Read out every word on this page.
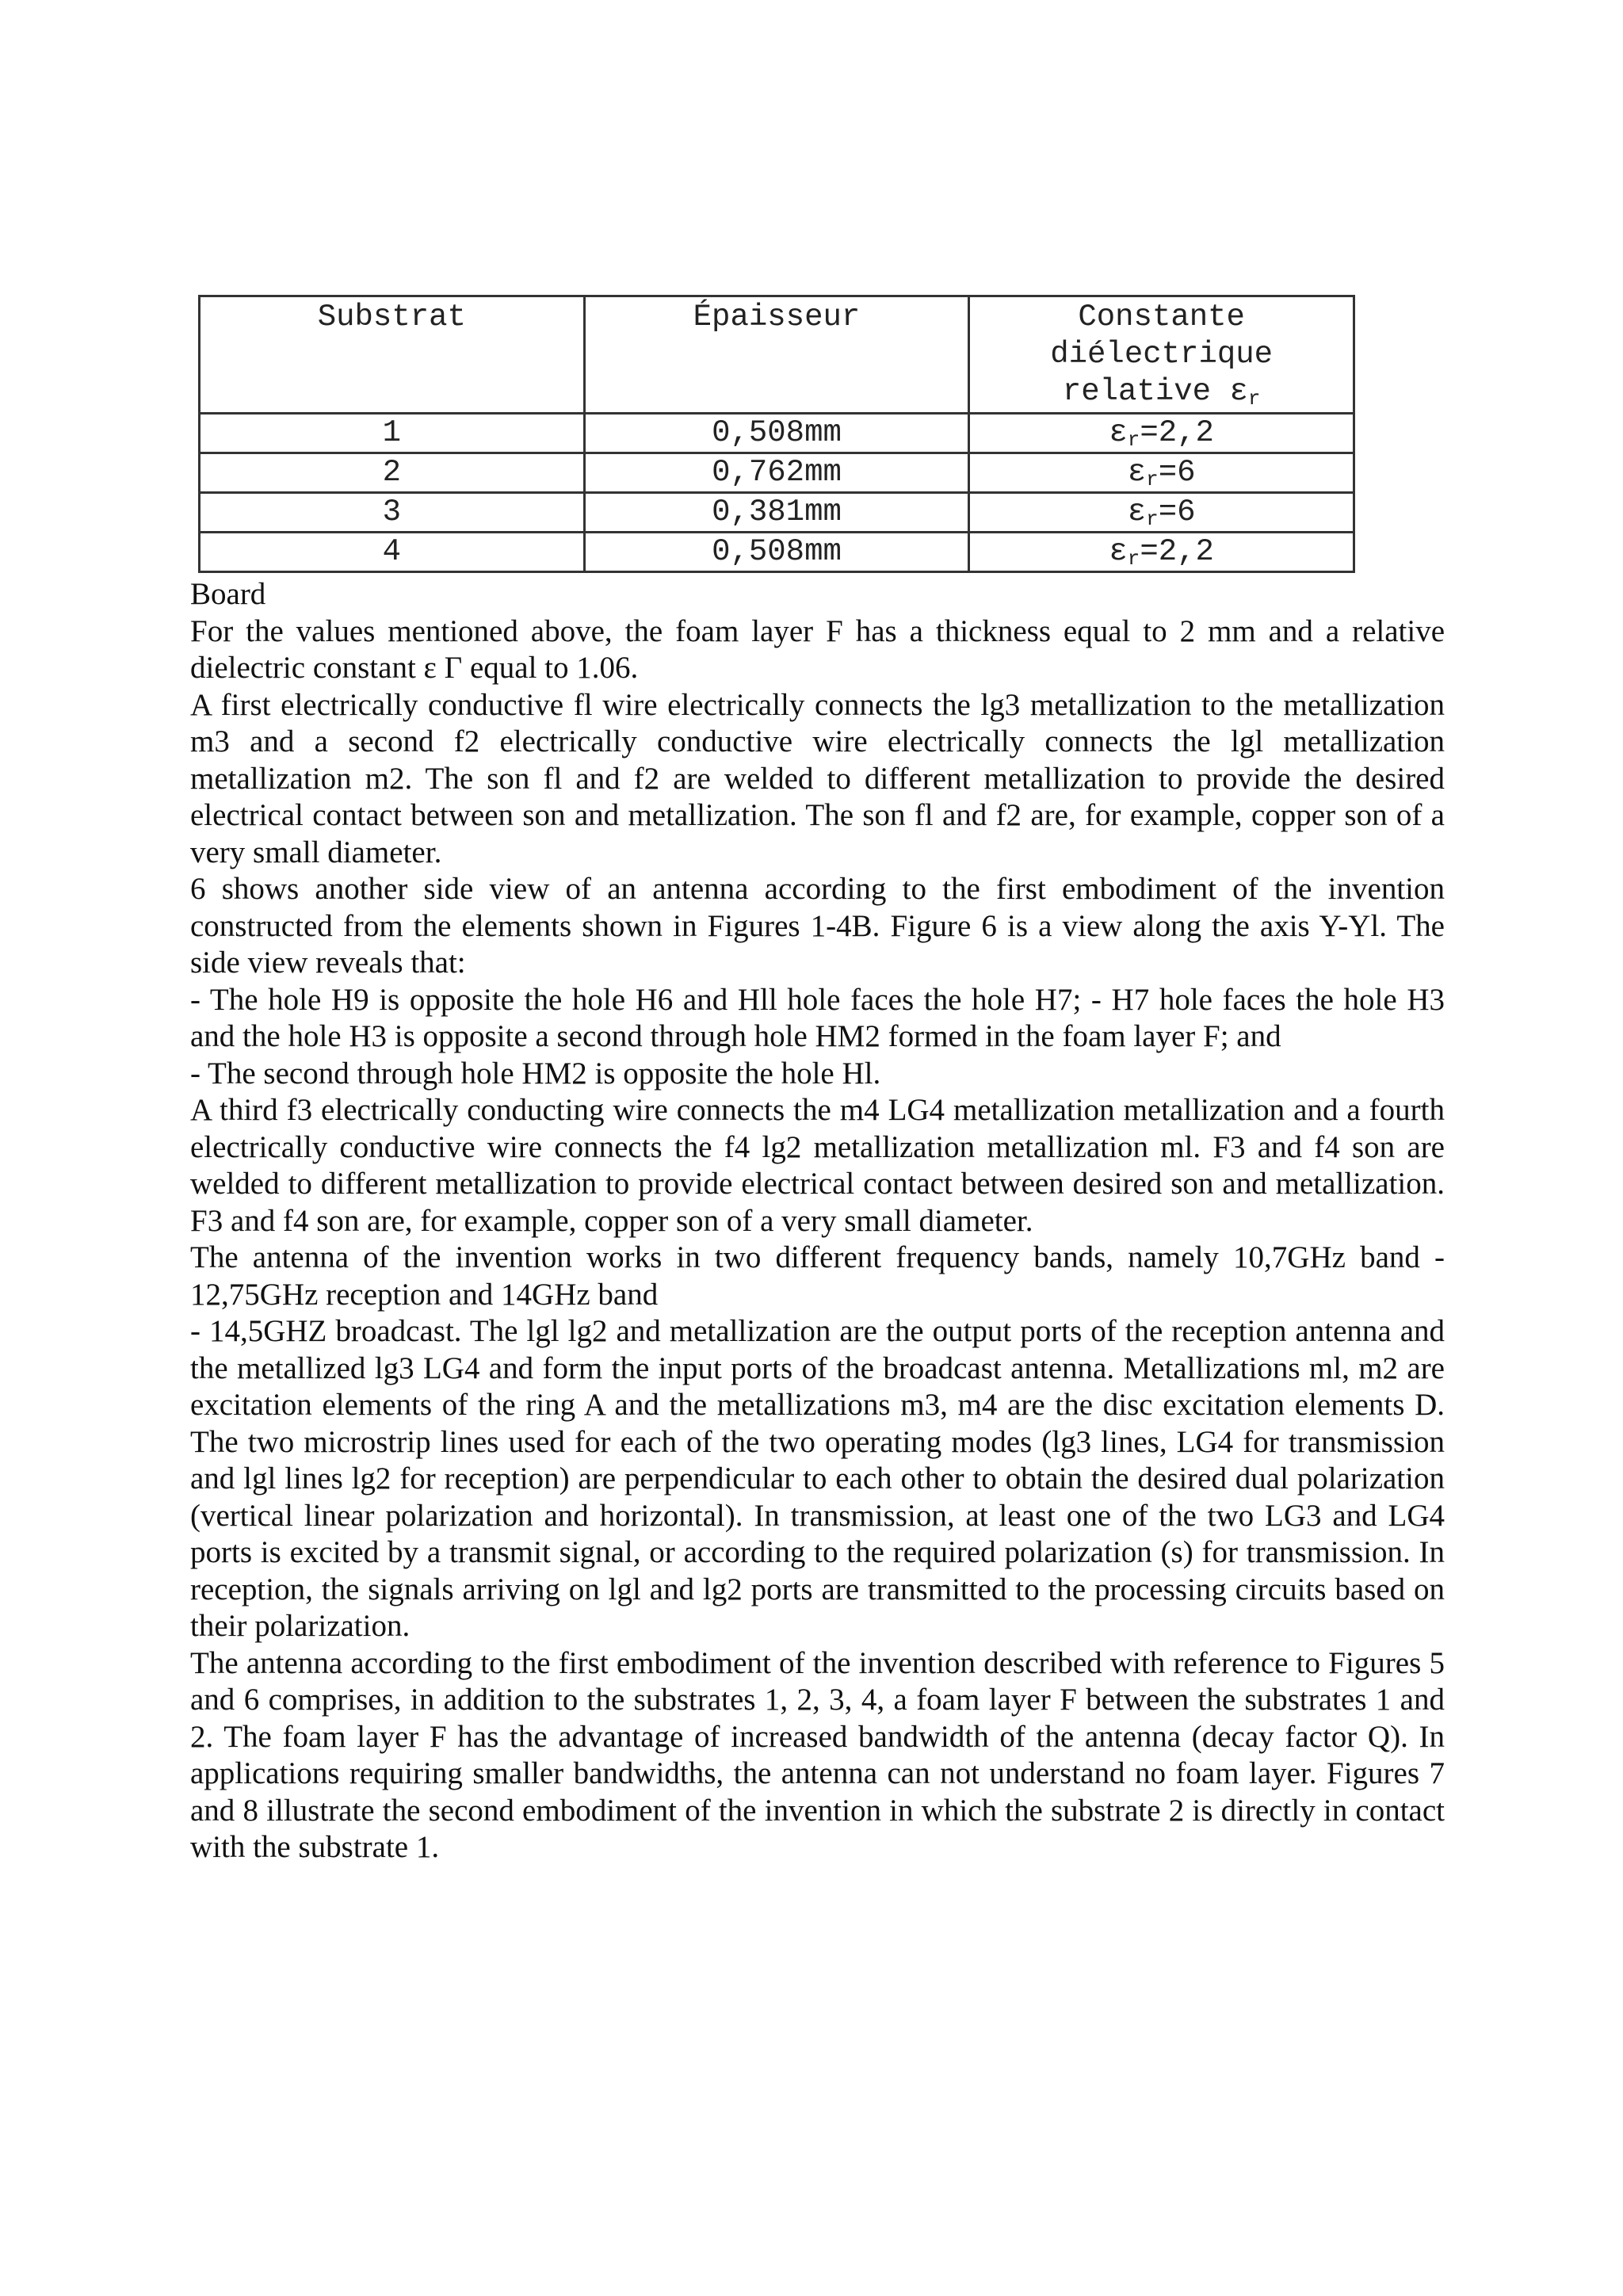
Substrat	Épaisseur	Constante
diélectrique
relative $\varepsilon_r$
1	0,508mm	$\varepsilon_r=2,2$
2	0,762mm	$\varepsilon_r=6$
3	0,381mm	$\varepsilon_r=6$
4	0,508mm	$\varepsilon_r=2,2$

Board

For the values mentioned above, the foam layer F has a thickness equal to 2 mm and a relative dielectric constant ε Γ equal to 1.06.

A first electrically conductive fl wire electrically connects the lg3 metallization to the metallization m3 and a second f2 electrically conductive wire electrically connects the lgl metallization metallization m2. The son fl and f2 are welded to different metallization to provide the desired electrical contact between son and metallization. The son fl and f2 are, for example, copper son of a very small diameter.

6 shows another side view of an antenna according to the first embodiment of the invention constructed from the elements shown in Figures 1-4B. Figure 6 is a view along the axis Y-Yl. The side view reveals that:

- The hole H9 is opposite the hole H6 and Hll hole faces the hole H7; - H7 hole faces the hole H3 and the hole H3 is opposite a second through hole HM2 formed in the foam layer F; and

- The second through hole HM2 is opposite the hole Hl.

A third f3 electrically conducting wire connects the m4 LG4 metallization metallization and a fourth electrically conductive wire connects the f4 lg2 metallization metallization ml. F3 and f4 son are welded to different metallization to provide electrical contact between desired son and metallization. F3 and f4 son are, for example, copper son of a very small diameter.

The antenna of the invention works in two different frequency bands, namely 10,7GHz band - 12,75GHz reception and 14GHz band

- 14,5GHZ broadcast. The lgl lg2 and metallization are the output ports of the reception antenna and the metallized lg3 LG4 and form the input ports of the broadcast antenna. Metallizations ml, m2 are excitation elements of the ring A and the metallizations m3, m4 are the disc excitation elements D. The two microstrip lines used for each of the two operating modes (lg3 lines, LG4 for transmission and lgl lines lg2 for reception) are perpendicular to each other to obtain the desired dual polarization (vertical linear polarization and horizontal). In transmission, at least one of the two LG3 and LG4 ports is excited by a transmit signal, or according to the required polarization (s) for transmission. In reception, the signals arriving on lgl and lg2 ports are transmitted to the processing circuits based on their polarization.

The antenna according to the first embodiment of the invention described with reference to Figures 5 and 6 comprises, in addition to the substrates 1, 2, 3, 4, a foam layer F between the substrates 1 and 2. The foam layer F has the advantage of increased bandwidth of the antenna (decay factor Q). In applications requiring smaller bandwidths, the antenna can not understand no foam layer. Figures 7 and 8 illustrate the second embodiment of the invention in which the substrate 2 is directly in contact with the substrate 1.
